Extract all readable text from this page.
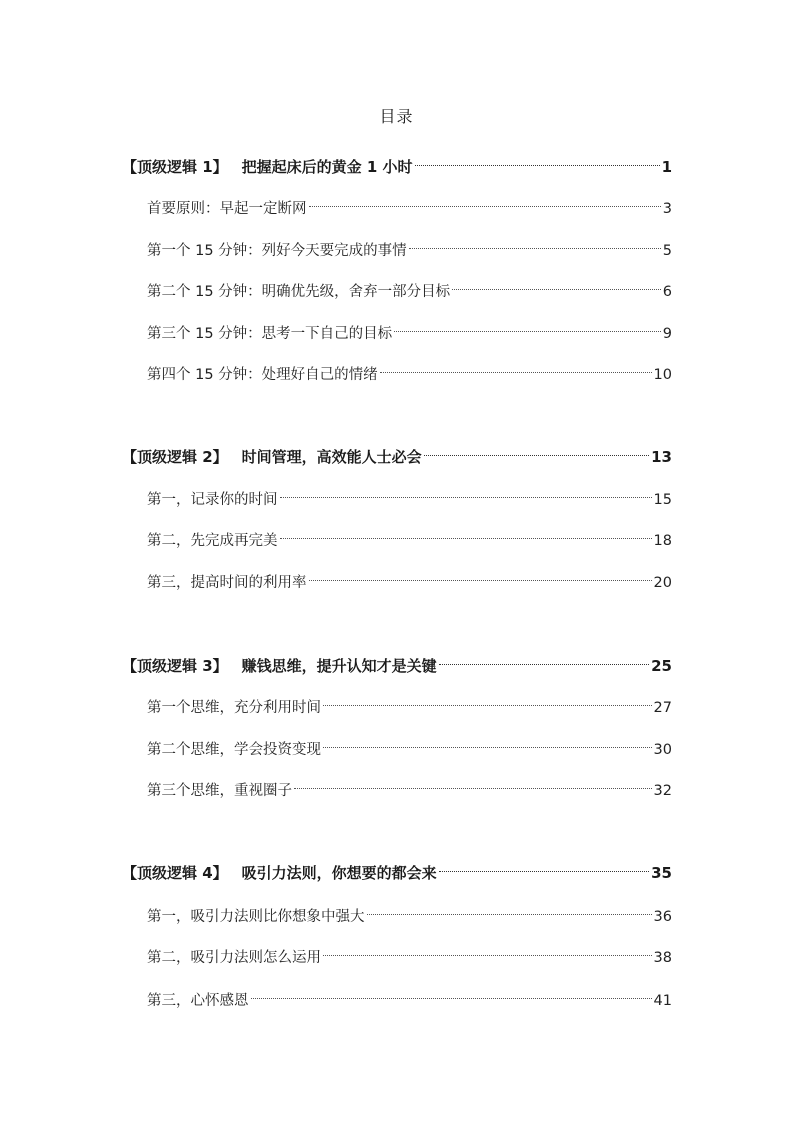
目录
【顶级逻辑 1】 把握起床后的黄金 1 小时	1
首要原则：早起一定断网	3
第一个 15 分钟：列好今天要完成的事情	5
第二个 15 分钟：明确优先级，舍弃一部分目标	6
第三个 15 分钟：思考一下自己的目标	9
第四个 15 分钟：处理好自己的情绪	10
【顶级逻辑 2】 时间管理，高效能人士必会	13
第一，记录你的时间	15
第二，先完成再完美	18
第三，提高时间的利用率	20
【顶级逻辑 3】 赚钱思维，提升认知才是关键	25
第一个思维，充分利用时间	27
第二个思维，学会投资变现	30
第三个思维，重视圈子	32
【顶级逻辑 4】 吸引力法则，你想要的都会来	35
第一，吸引力法则比你想象中强大	36
第二，吸引力法则怎么运用	38
第三，心怀感恩	41
